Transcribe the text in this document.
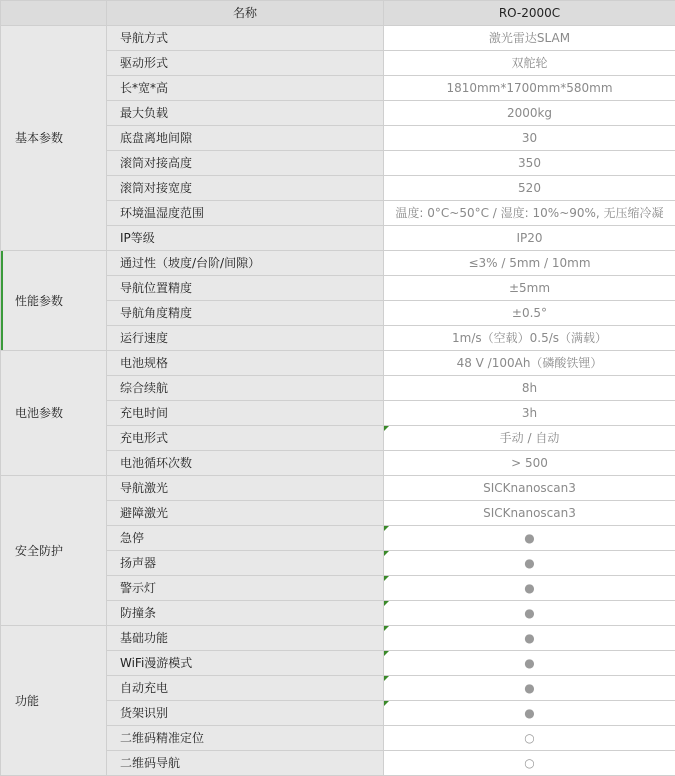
	名称	RO-2000C
基本参数	导航方式	激光雷达SLAM
	驱动形式	双舵轮
	长*宽*高	1810mm*1700mm*580mm
	最大负载	2000kg
	底盘离地间隙	30
	滚筒对接高度	350
	滚筒对接宽度	520
	环境温湿度范围	温度: 0°C~50°C / 湿度: 10%~90%, 无压缩冷凝
	IP等级	IP20
性能参数	通过性（坡度/台阶/间隙）	≤3% / 5mm / 10mm
	导航位置精度	±5mm
	导航角度精度	±0.5°
	运行速度	1m/s（空载）0.5/s（满载）
电池参数	电池规格	48 V /100Ah（磷酸铁锂）
	综合续航	8h
	充电时间	3h
	充电形式	手动 / 自动
	电池循环次数	> 500
安全防护	导航激光	SICKnanoscan3
	避障激光	SICKnanoscan3
	急停	●
	扬声器	●
	警示灯	●
	防撞条	●
功能	基础功能	●
	WiFi漫游模式	●
	自动充电	●
	货架识别	●
	二维码精准定位	○
	二维码导航	○
